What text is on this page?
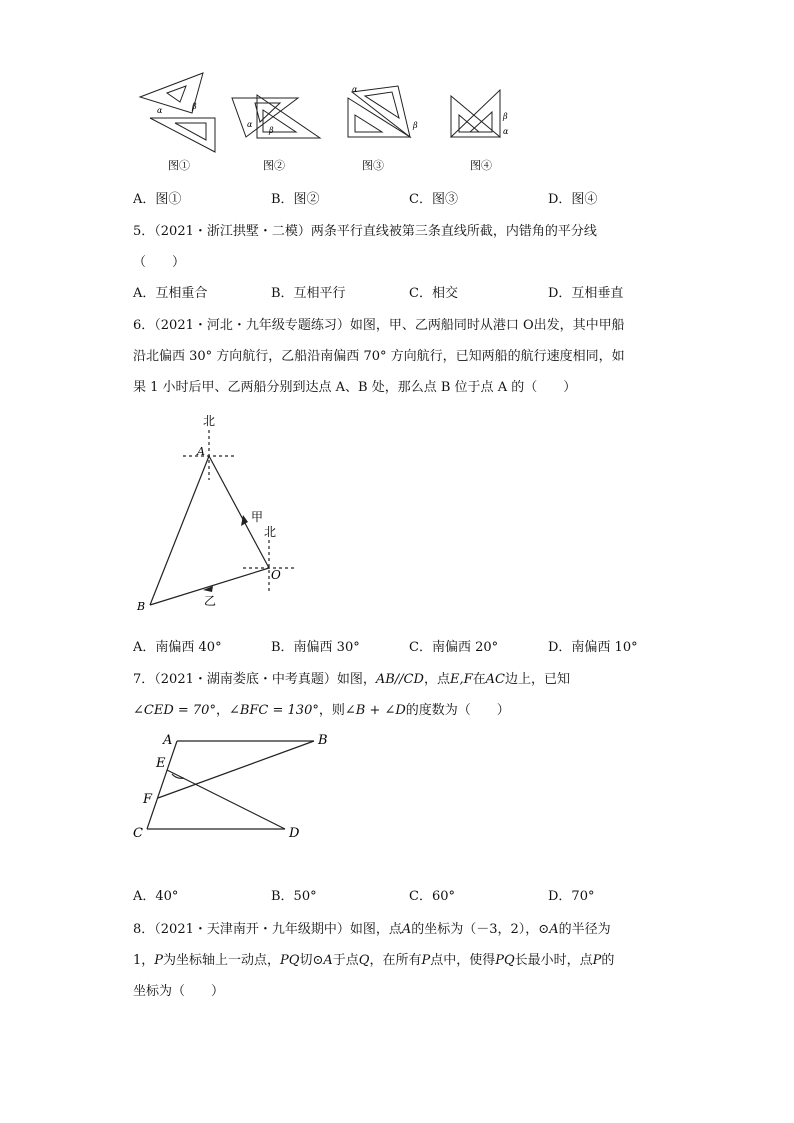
α	β
图①
α
β
图②
α
β
图③
β
α
图④
A．图①	B．图②	C．图③	D．图④
5．（2021・浙江拱墅・二模）两条平行直线被第三条直线所截，内错角的平分线
（　　）
A．互相重合	B．互相平行	C．相交	D．互相垂直
6．（2021・河北・九年级专题练习）如图，甲、乙两船同时从港口 O出发，其中甲船
沿北偏西 30° 方向航行，乙船沿南偏西 70° 方向航行，已知两船的航行速度相同，如
果 1 小时后甲、乙两船分别到达点 A、B 处，那么点 B 位于点 A 的（　　）
北
A
甲
北
O
B	乙
A．南偏西 40°	B．南偏西 30°	C．南偏西 20°	D．南偏西 10°
7．（2021・湖南娄底・中考真题）如图，AB//CD，点E,F在AC边上，已知
∠CED = 70°，∠BFC = 130°，则∠B + ∠D的度数为（　　）
A	B
E
F
C	D
A．40°	B．50°	C．60°	D．70°
8．（2021・天津南开・九年级期中）如图，点A的坐标为（－3，2），⊙A的半径为
1，P为坐标轴上一动点，PQ切⊙A于点Q，在所有P点中，使得PQ长最小时，点P的
坐标为（　　）
